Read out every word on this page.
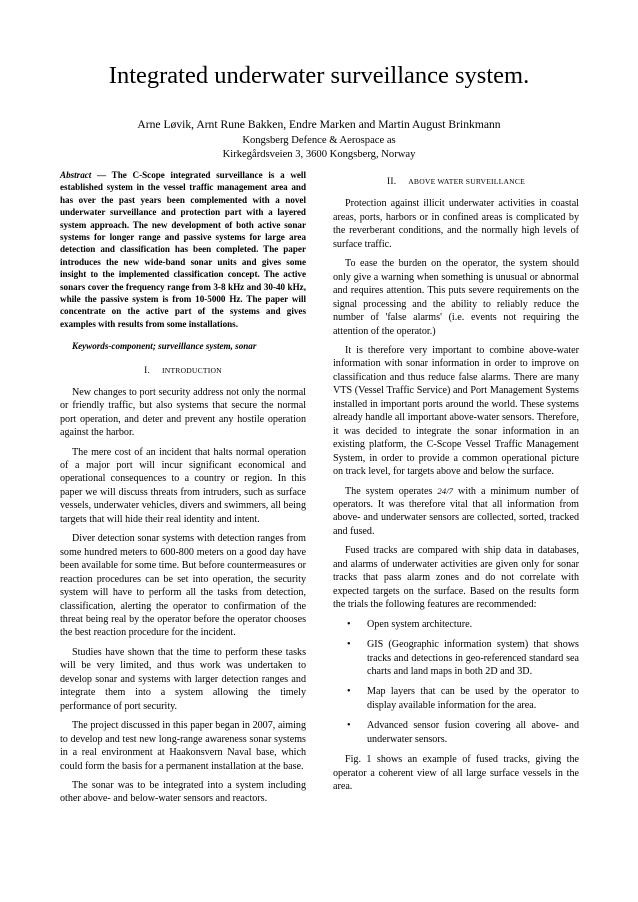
Integrated underwater surveillance system.
Arne Løvik, Arnt Rune Bakken, Endre Marken and Martin August Brinkmann
Kongsberg Defence & Aerospace as
Kirkegårdsveien 3, 3600 Kongsberg, Norway

Abstract — The C-Scope integrated surveillance is a well established system in the vessel traffic management area and has over the past years been complemented with a novel underwater surveillance and protection part with a layered system approach. The new development of both active sonar systems for longer range and passive systems for large area detection and classification has been completed. The paper introduces the new wide-band sonar units and gives some insight to the implemented classification concept. The active sonars cover the frequency range from 3-8 kHz and 30-40 kHz, while the passive system is from 10-5000 Hz. The paper will concentrate on the active part of the systems and gives examples with results from some installations.

Keywords-component; surveillance system, sonar

I. INTRODUCTION

New changes to port security address not only the normal or friendly traffic, but also systems that secure the normal port operation, and deter and prevent any hostile operation against the harbor.

The mere cost of an incident that halts normal operation of a major port will incur significant economical and operational consequences to a country or region. In this paper we will discuss threats from intruders, such as surface vessels, underwater vehicles, divers and swimmers, all being targets that will hide their real identity and intent.

Diver detection sonar systems with detection ranges from some hundred meters to 600-800 meters on a good day have been available for some time. But before countermeasures or reaction procedures can be set into operation, the security system will have to perform all the tasks from detection, classification, alerting the operator to confirmation of the threat being real by the operator before the operator chooses the best reaction procedure for the incident.

Studies have shown that the time to perform these tasks will be very limited, and thus work was undertaken to develop sonar and systems with larger detection ranges and integrate them into a system allowing the timely performance of port security.

The project discussed in this paper began in 2007, aiming to develop and test new long-range awareness sonar systems in a real environment at Haakonsvern Naval base, which could form the basis for a permanent installation at the base.

The sonar was to be integrated into a system including other above- and below-water sensors and reactors.

II. ABOVE WATER SURVEILLANCE

Protection against illicit underwater activities in coastal areas, ports, harbors or in confined areas is complicated by the reverberant conditions, and the normally high levels of surface traffic.

To ease the burden on the operator, the system should only give a warning when something is unusual or abnormal and requires attention. This puts severe requirements on the signal processing and the ability to reliably reduce the number of 'false alarms' (i.e. events not requiring the attention of the operator.)

It is therefore very important to combine above-water information with sonar information in order to improve on classification and thus reduce false alarms. There are many VTS (Vessel Traffic Service) and Port Management Systems installed in important ports around the world. These systems already handle all important above-water sensors. Therefore, it was decided to integrate the sonar information in an existing platform, the C-Scope Vessel Traffic Management System, in order to provide a common operational picture on track level, for targets above and below the surface.

The system operates 24/7 with a minimum number of operators. It was therefore vital that all information from above- and underwater sensors are collected, sorted, tracked and fused.

Fused tracks are compared with ship data in databases, and alarms of underwater activities are given only for sonar tracks that pass alarm zones and do not correlate with expected targets on the surface. Based on the results form the trials the following features are recommended:

• Open system architecture.
• GIS (Geographic information system) that shows tracks and detections in geo-referenced standard sea charts and land maps in both 2D and 3D.
• Map layers that can be used by the operator to display available information for the area.
• Advanced sensor fusion covering all above- and underwater sensors.

Fig. 1 shows an example of fused tracks, giving the operator a coherent view of all large surface vessels in the area.
